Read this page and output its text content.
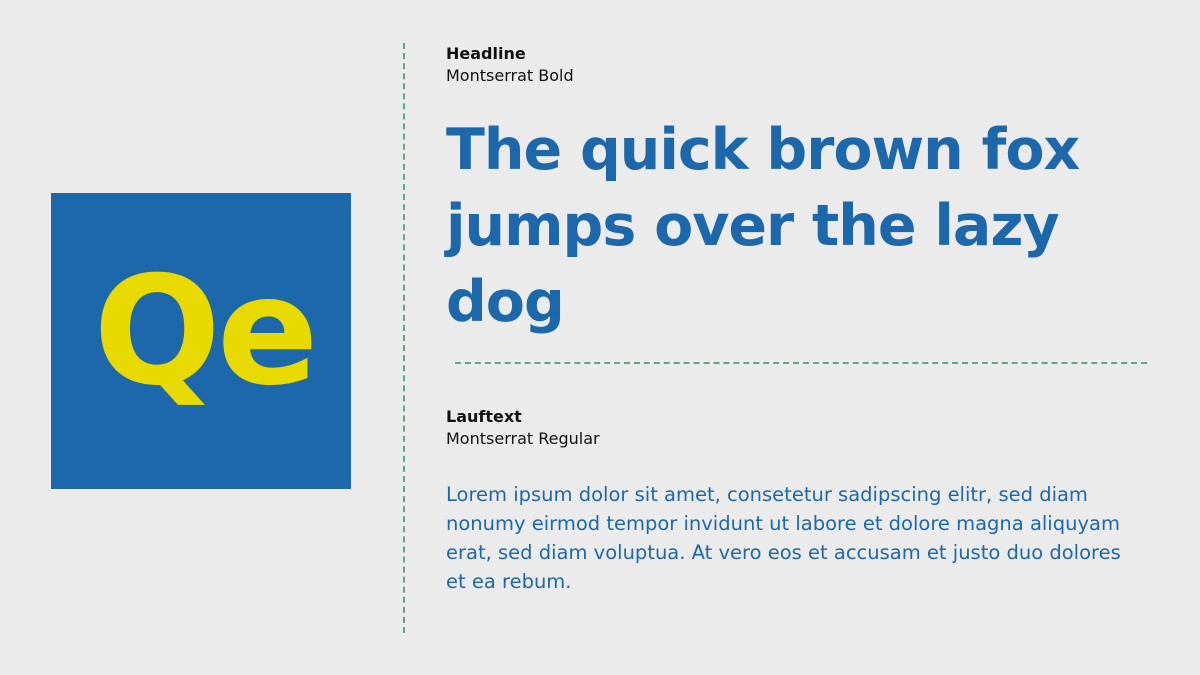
Qe
Headline
Montserrat Bold

The quick brown fox jumps over the lazy dog

Lauftext
Montserrat Regular

Lorem ipsum dolor sit amet, consetetur sadipscing elitr, sed diam nonumy eirmod tempor invidunt ut labore et dolore magna aliquyam erat, sed diam voluptua. At vero eos et accusam et justo duo dolores et ea rebum.
